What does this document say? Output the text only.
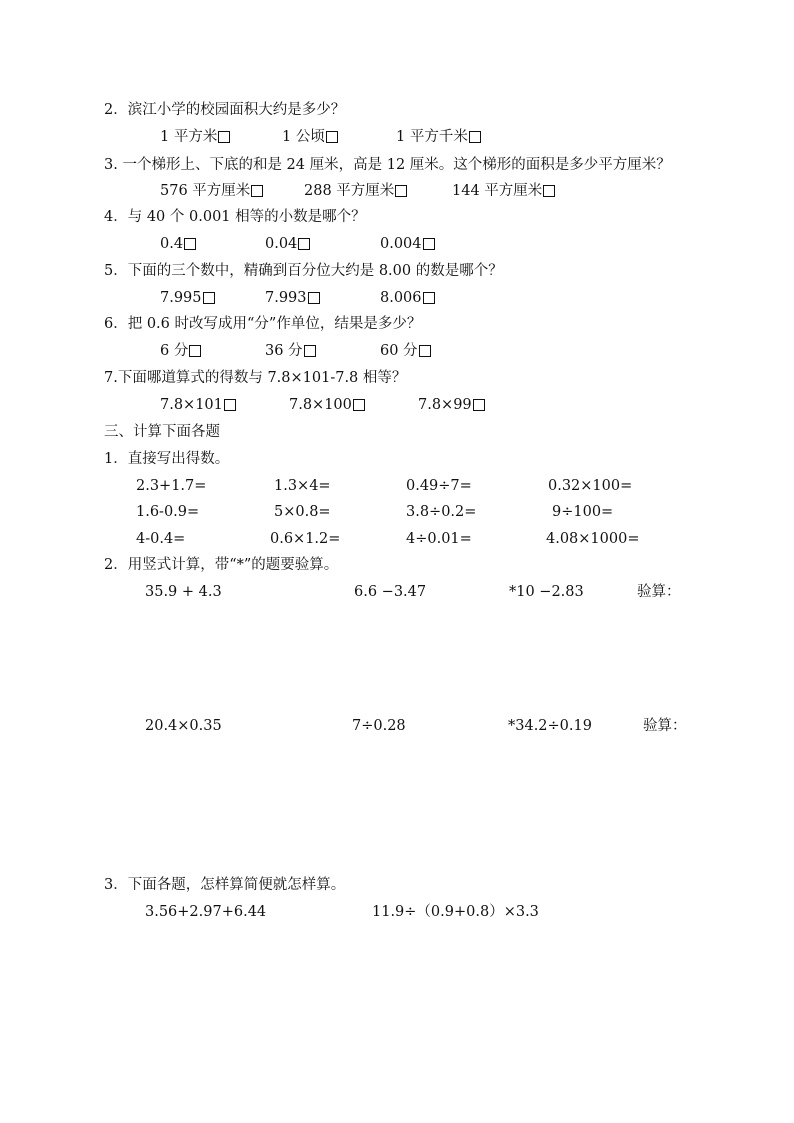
2．滨江小学的校园面积大约是多少？
1 平方米	1 公顷	1 平方千米
3. 一个梯形上、下底的和是 24 厘米，高是 12 厘米。这个梯形的面积是多少平方厘米？
576 平方厘米	288 平方厘米	144 平方厘米
4．与 40 个 0.001 相等的小数是哪个？
0.4	0.04	0.004
5．下面的三个数中，精确到百分位大约是 8.00 的数是哪个？
7.995	7.993	8.006
6．把 0.6 时改写成用“分”作单位，结果是多少？
6 分	36 分	60 分
7.下面哪道算式的得数与 7.8×101-7.8 相等？
7.8×101	7.8×100	7.8×99
三、计算下面各题
1．直接写出得数。
2.3+1.7=	1.3×4=	0.49÷7=	0.32×100=
1.6-0.9=	5×0.8=	3.8÷0.2=	9÷100=
4-0.4=	0.6×1.2=	4÷0.01=	4.08×1000=
2．用竖式计算，带“*”的题要验算。
35.9 + 4.3	6.6 −3.47	*10 −2.83	验算：
20.4×0.35	7÷0.28	*34.2÷0.19	验算：
3．下面各题，怎样算简便就怎样算。
3.56+2.97+6.44	11.9÷（0.9+0.8）×3.3
